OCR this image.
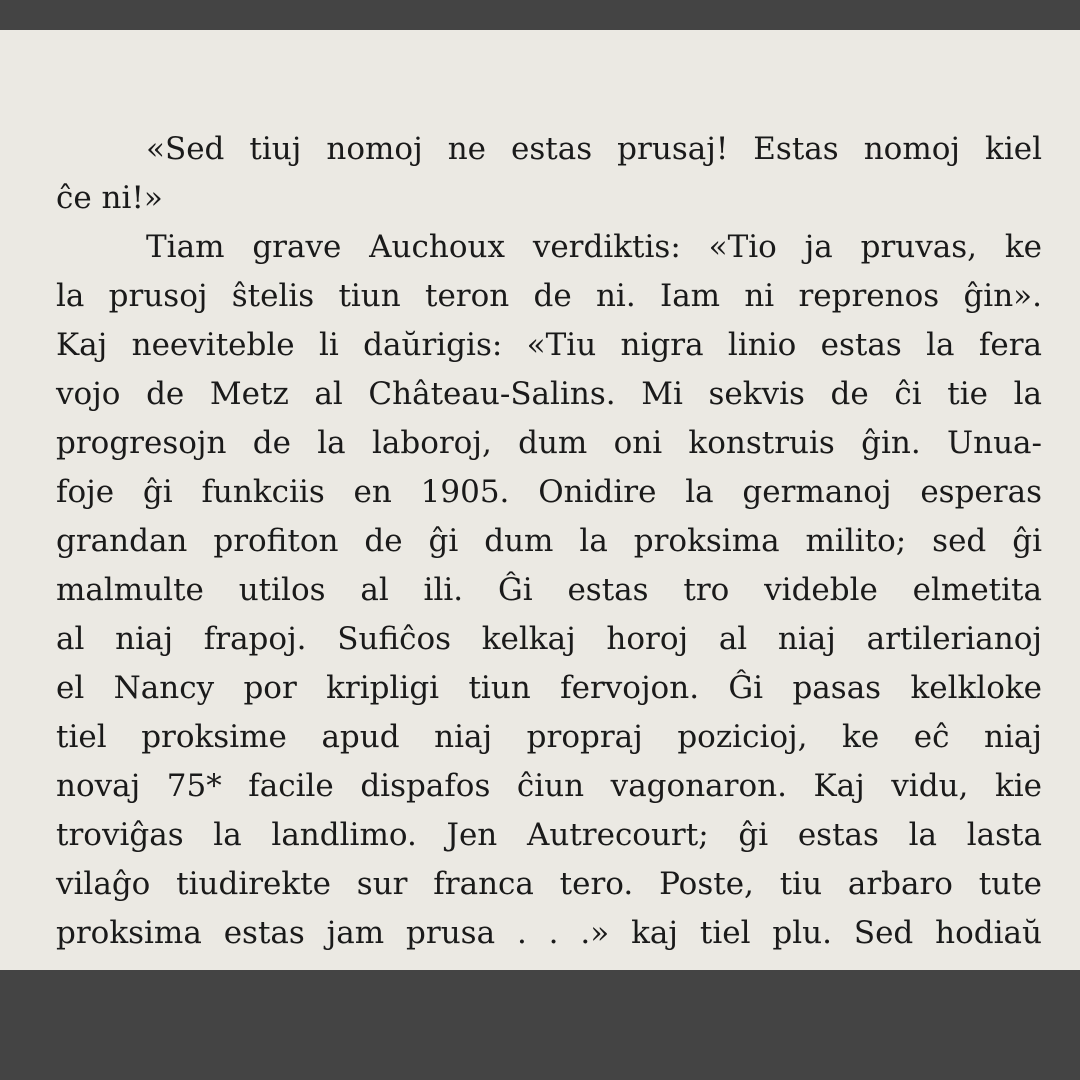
«Sed tiuj nomoj ne estas prusaj! Estas nomoj kiel
ĉe ni!»
Tiam grave Auchoux verdiktis: «Tio ja pruvas, ke
la prusoj ŝtelis tiun teron de ni. Iam ni reprenos ĝin».
Kaj neeviteble li daŭrigis: «Tiu nigra linio estas la fera
vojo de Metz al Château-Salins. Mi sekvis de ĉi tie la
progresojn de la laboroj, dum oni konstruis ĝin. Unua-
foje ĝi funkciis en 1905. Onidire la germanoj esperas
grandan profiton de ĝi dum la proksima milito; sed ĝi
malmulte utilos al ili. Ĝi estas tro videble elmetita
al niaj frapoj. Sufiĉos kelkaj horoj al niaj artilerianoj
el Nancy por kripligi tiun fervojon. Ĝi pasas kelkloke
tiel proksime apud niaj propraj pozicioj, ke eĉ niaj
novaj 75* facile dispafos ĉiun vagonaron. Kaj vidu, kie
troviĝas la landlimo. Jen Autrecourt; ĝi estas la lasta
vilaĝo tiudirekte sur franca tero. Poste, tiu arbaro tute
proksima estas jam prusa . . .» kaj tiel plu. Sed hodiaŭ
